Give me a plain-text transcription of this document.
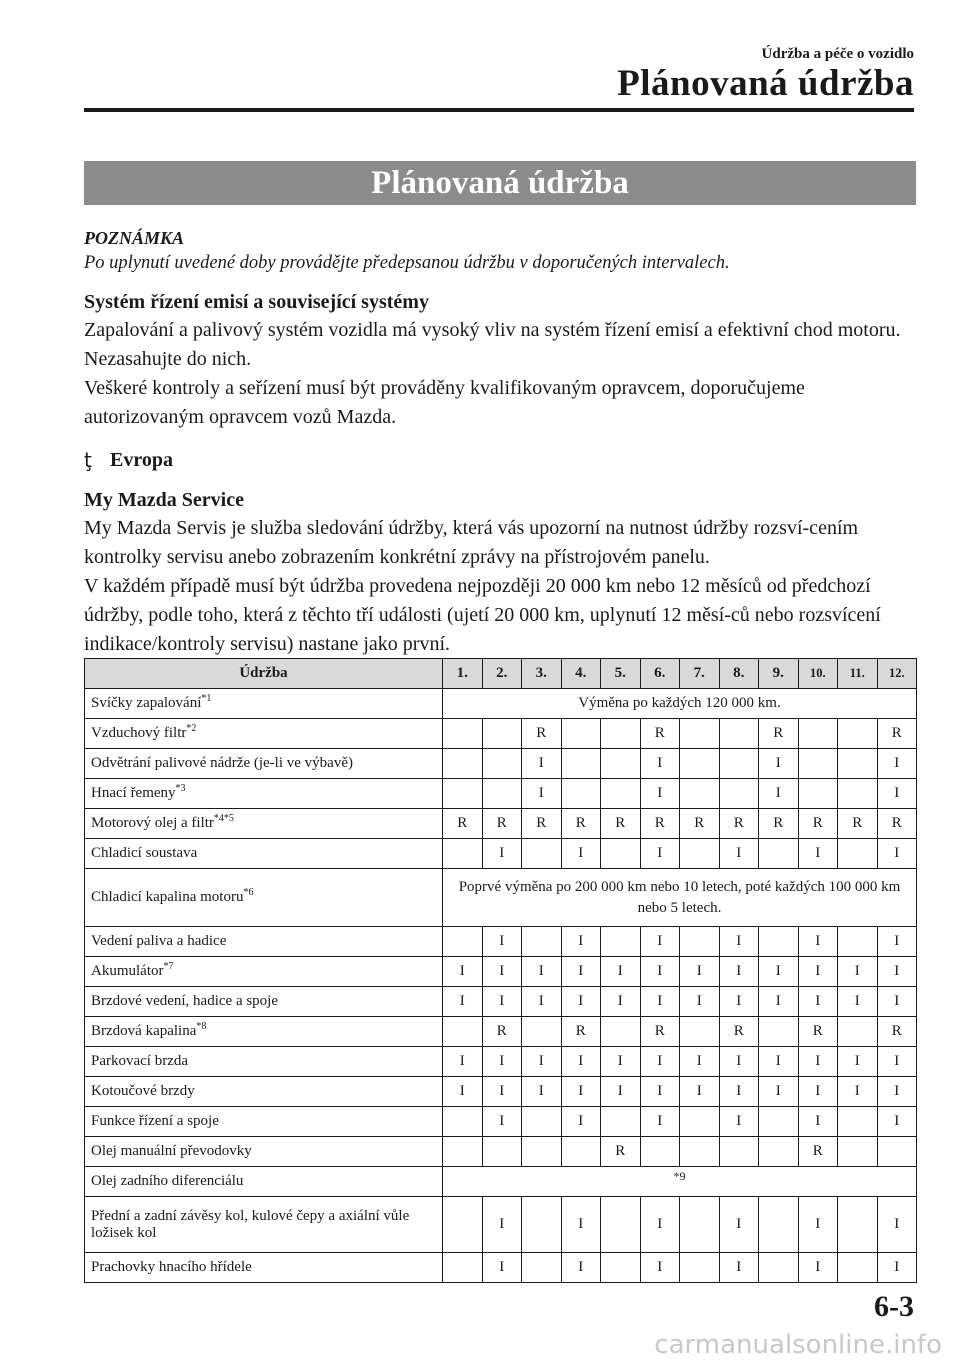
Údržba a péče o vozidlo
Plánovaná údržba
Plánovaná údržba
POZNÁMKA
Po uplynutí uvedené doby provádějte předepsanou údržbu v doporučených intervalech.
Systém řízení emisí a související systémy
Zapalování a palivový systém vozidla má vysoký vliv na systém řízení emisí a efektivní chod motoru. Nezasahujte do nich.
Veškeré kontroly a seřízení musí být prováděny kvalifikovaným opravcem, doporučujeme autorizovaným opravcem vozů Mazda.
ţ Evropa
My Mazda Service
My Mazda Servis je služba sledování údržby, která vás upozorní na nutnost údržby rozsví-cením kontrolky servisu anebo zobrazením konkrétní zprávy na přístrojovém panelu.
V každém případě musí být údržba provedena nejpozději 20 000 km nebo 12 měsíců od předchozí údržby, podle toho, která z těchto tří události (ujetí 20 000 km, uplynutí 12 měsí-ců nebo rozsvícení indikace/kontroly servisu) nastane jako první.
Údržba	1.	2.	3.	4.	5.	6.	7.	8.	9.	10.	11.	12.
Svíčky zapalování$^{*1}$	Výměna po každých 120 000 km.											
Vzduchový filtr$^{*2}$			R			R			R			R
Odvětrání palivové nádrže (je-li ve výbavě)			I			I			I			I
Hnací řemeny$^{*3}$			I			I			I			I
Motorový olej a filtr$^{*4*5}$	R	R	R	R	R	R	R	R	R	R	R	R
Chladicí soustava		I		I		I		I		I		I
Chladicí kapalina motoru$^{*6}$	Poprvé výměna po 200 000 km nebo 10 letech, poté každých 100 000 km nebo 5 letech.											
Vedení paliva a hadice		I		I		I		I		I		I
Akumulátor$^{*7}$	I	I	I	I	I	I	I	I	I	I	I	I
Brzdové vedení, hadice a spoje	I	I	I	I	I	I	I	I	I	I	I	I
Brzdová kapalina$^{*8}$		R		R		R		R		R		R
Parkovací brzda	I	I	I	I	I	I	I	I	I	I	I	I
Kotoučové brzdy	I	I	I	I	I	I	I	I	I	I	I	I
Funkce řízení a spoje		I		I		I		I		I		I
Olej manuální převodovky					R					R		
Olej zadního diferenciálu	$^{*9}$
Přední a zadní závěsy kol, kulové čepy a axiální vůle ložisek kol		I		I		I		I		I		I
Prachovky hnacího hřídele		I		I		I		I		I		I
6-3
carmanualsonline.info
